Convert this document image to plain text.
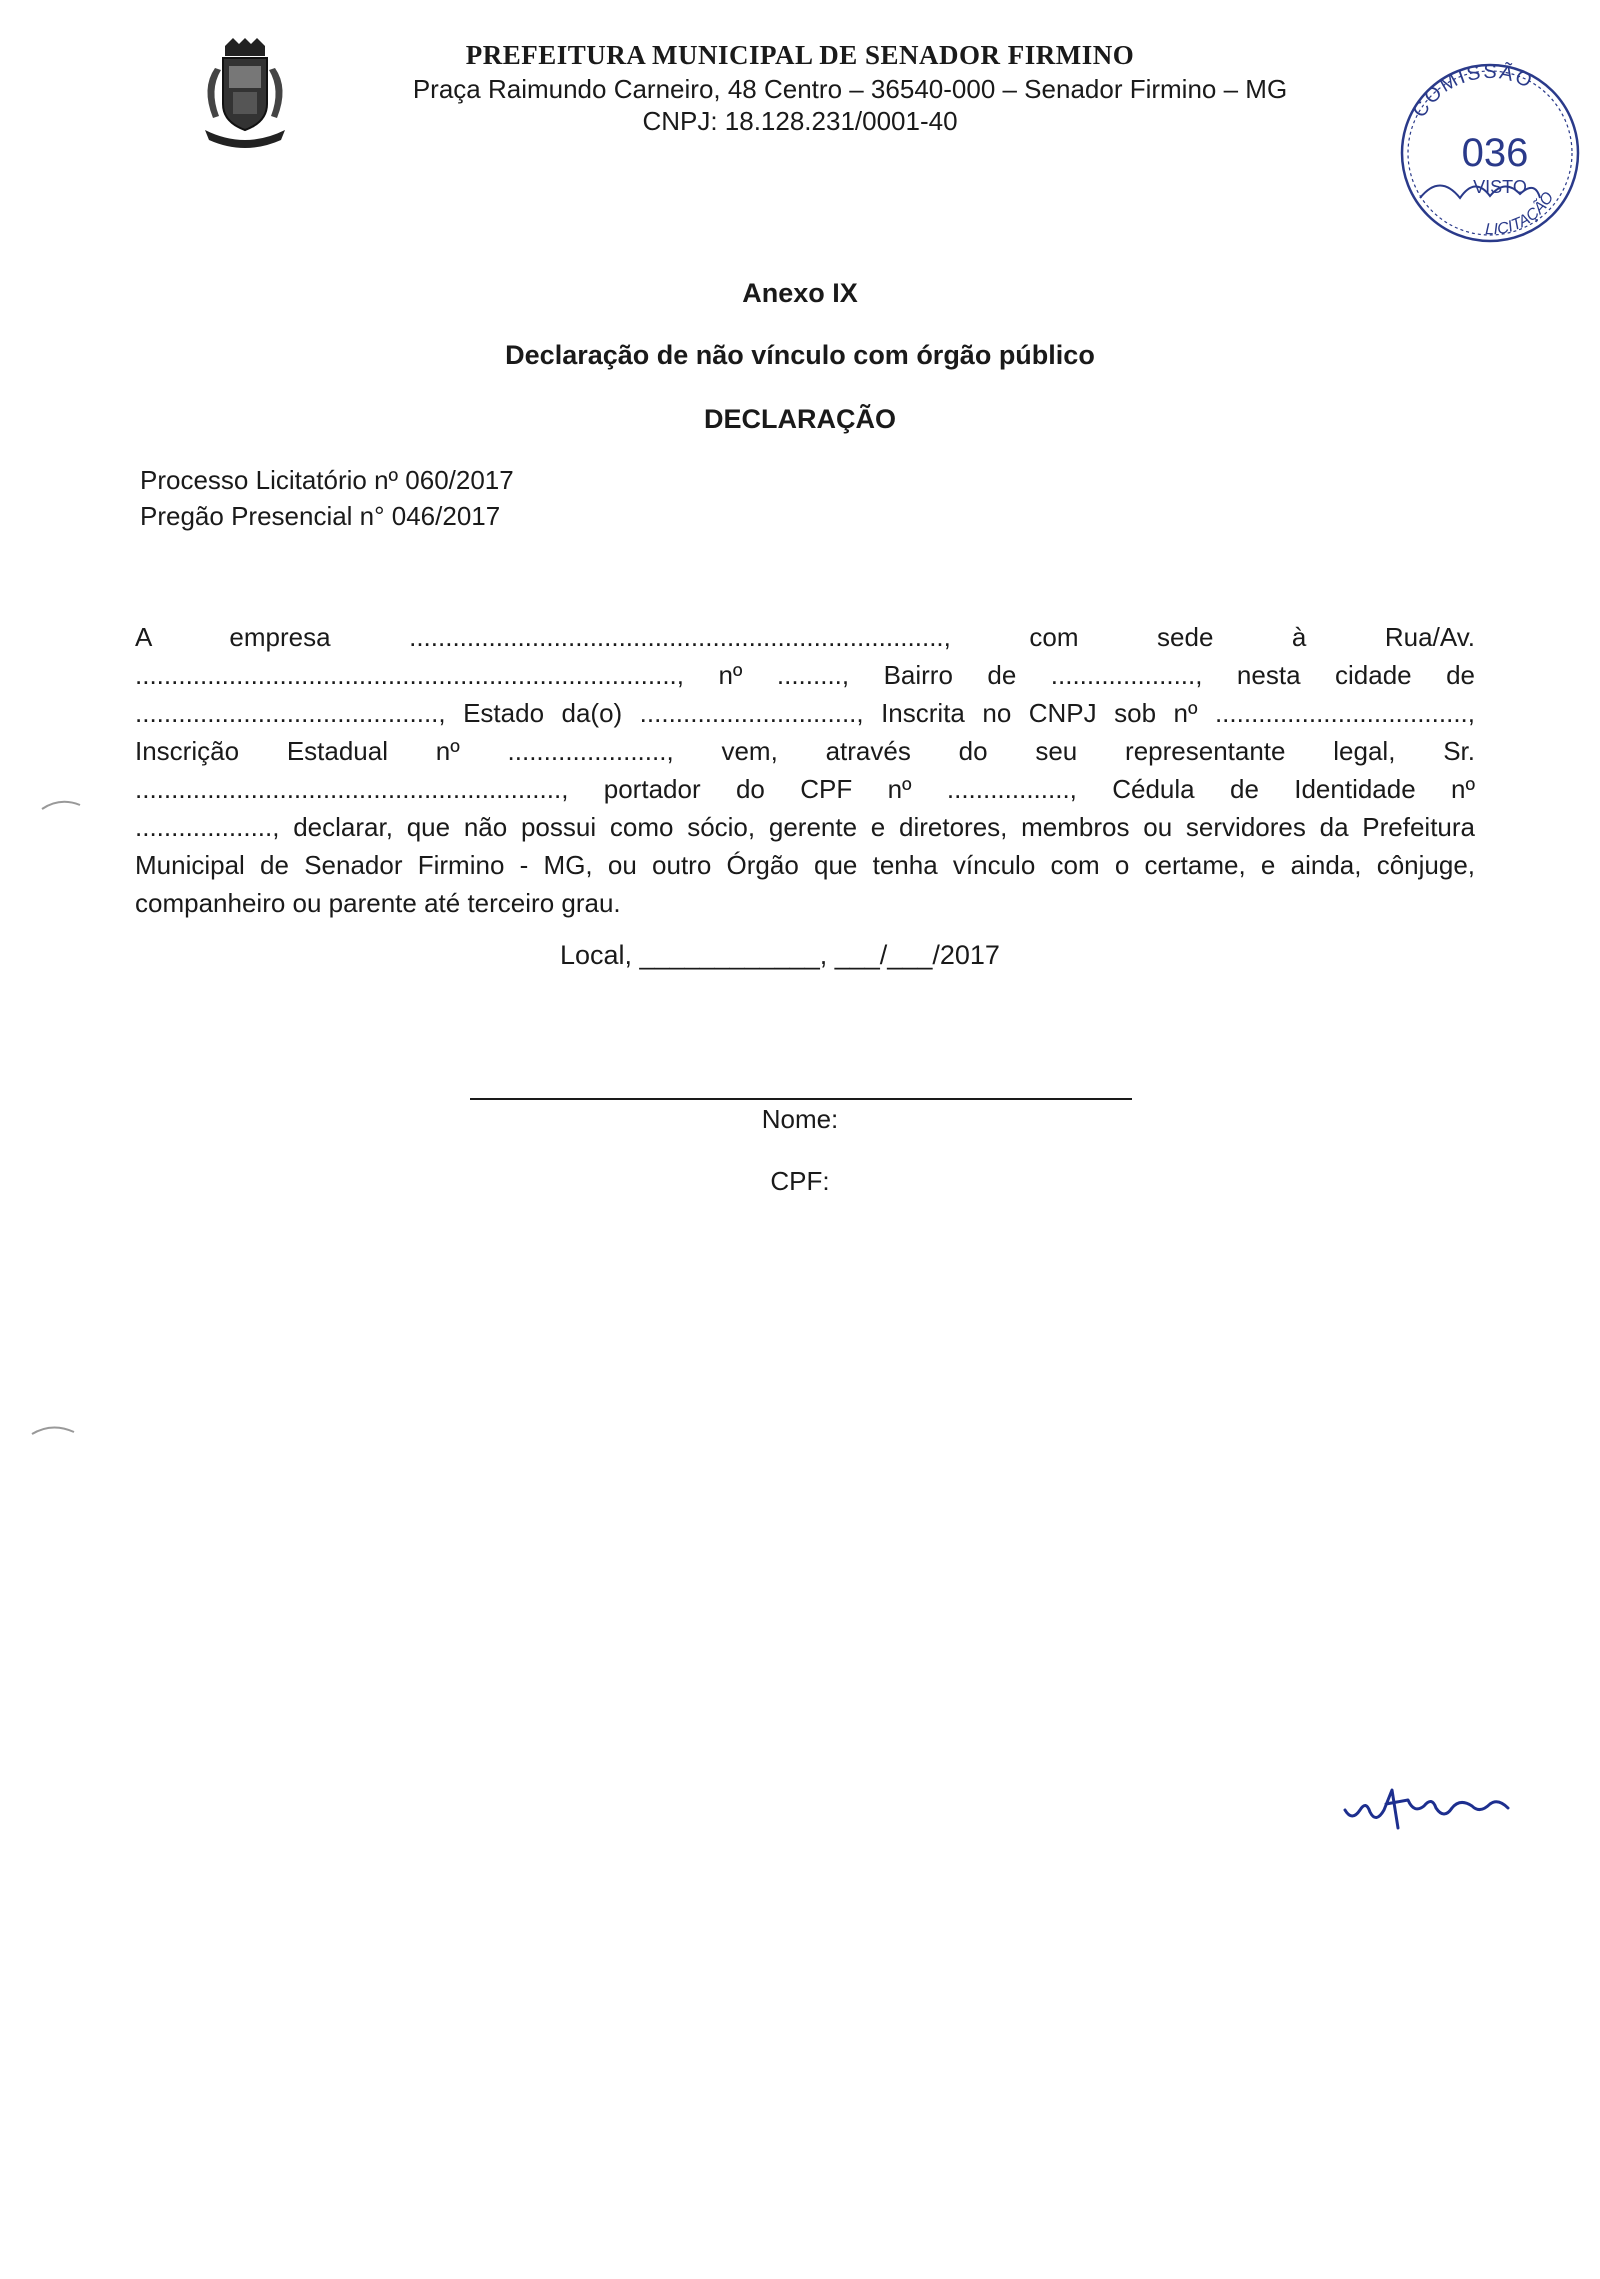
PREFEITURA MUNICIPAL DE SENADOR FIRMINO
Praça Raimundo Carneiro, 48 Centro – 36540-000 – Senador Firmino – MG
CNPJ: 18.128.231/0001-40	COMISSÃO
036
VISTO
LICITAÇÃO
Anexo IX
Declaração de não vínculo com órgão público
DECLARAÇÃO
Processo Licitatório nº 060/2017
Pregão Presencial n° 046/2017
A empresa .........................................................................., com sede à Rua/Av.
..........................................................................., nº ........., Bairro de ...................., nesta cidade de
.........................................., Estado da(o) .............................., Inscrita no CNPJ sob nº ...................................,
Inscrição Estadual nº ......................, vem, através do seu representante legal, Sr.
..........................................................., portador do CPF nº ................., Cédula de Identidade nº
..................., declarar, que não possui como sócio, gerente e diretores, membros ou servidores da Prefeitura
Municipal de Senador Firmino - MG, ou outro Órgão que tenha vínculo com o certame, e ainda, cônjuge,
companheiro ou parente até terceiro grau.
Local, ____________, ___/___/2017
Nome:
CPF:
